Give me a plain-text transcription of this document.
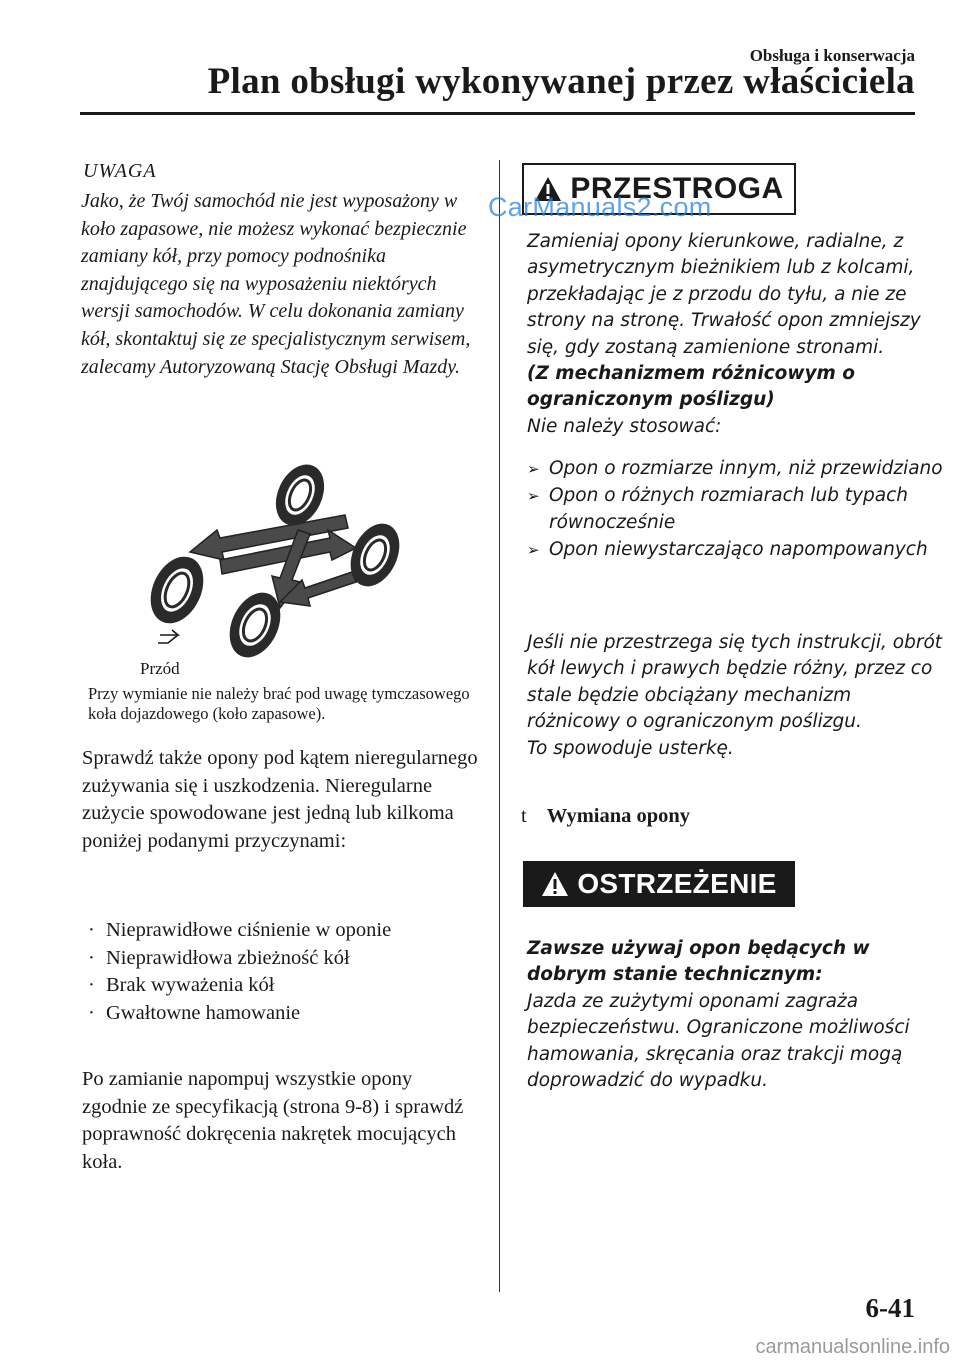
Obsługa i konserwacja
Plan obsługi wykonywanej przez właściciela
UWAGA
Jako, że Twój samochód nie jest wyposażony w koło zapasowe, nie możesz wykonać bezpiecznie zamiany kół, przy pomocy podnośnika znajdującego się na wyposażeniu niektórych wersji samochodów. W celu dokonania zamiany kół, skontaktuj się ze specjalistycznym serwisem, zalecamy Autoryzowaną Stację Obsługi Mazdy.
Przód
Przy wymianie nie należy brać pod uwagę tymczasowego koła dojazdowego (koło zapasowe).
Sprawdź także opony pod kątem nieregularnego zużywania się i uszkodzenia. Nieregularne zużycie spowodowane jest jedną lub kilkoma poniżej podanymi przyczynami:
· Nieprawidłowe ciśnienie w oponie
· Nieprawidłowa zbieżność kół
· Brak wyważenia kół
· Gwałtowne hamowanie
Po zamianie napompuj wszystkie opony zgodnie ze specyfikacją (strona 9-8) i sprawdź poprawność dokręcenia nakrętek mocujących koła.
PRZESTROGA
CarManuals2.com
Zamieniaj opony kierunkowe, radialne, z asymetrycznym bieżnikiem lub z kolcami, przekładając je z przodu do tyłu, a nie ze strony na stronę. Trwałość opon zmniejszy się, gdy zostaną zamienione stronami.
(Z mechanizmem różnicowym o ograniczonym poślizgu)
Nie należy stosować:
➢ Opon o rozmiarze innym, niż przewidziano
➢ Opon o różnych rozmiarach lub typach równocześnie
➢ Opon niewystarczająco napompowanych
Jeśli nie przestrzega się tych instrukcji, obrót kół lewych i prawych będzie różny, przez co stale będzie obciążany mechanizm różnicowy o ograniczonym poślizgu.
To spowoduje usterkę.
t Wymiana opony
OSTRZEŻENIE
Zawsze używaj opon będących w dobrym stanie technicznym:
Jazda ze zużytymi oponami zagraża bezpieczeństwu. Ograniczone możliwości hamowania, skręcania oraz trakcji mogą doprowadzić do wypadku.
6-41
carmanualsonline.info
